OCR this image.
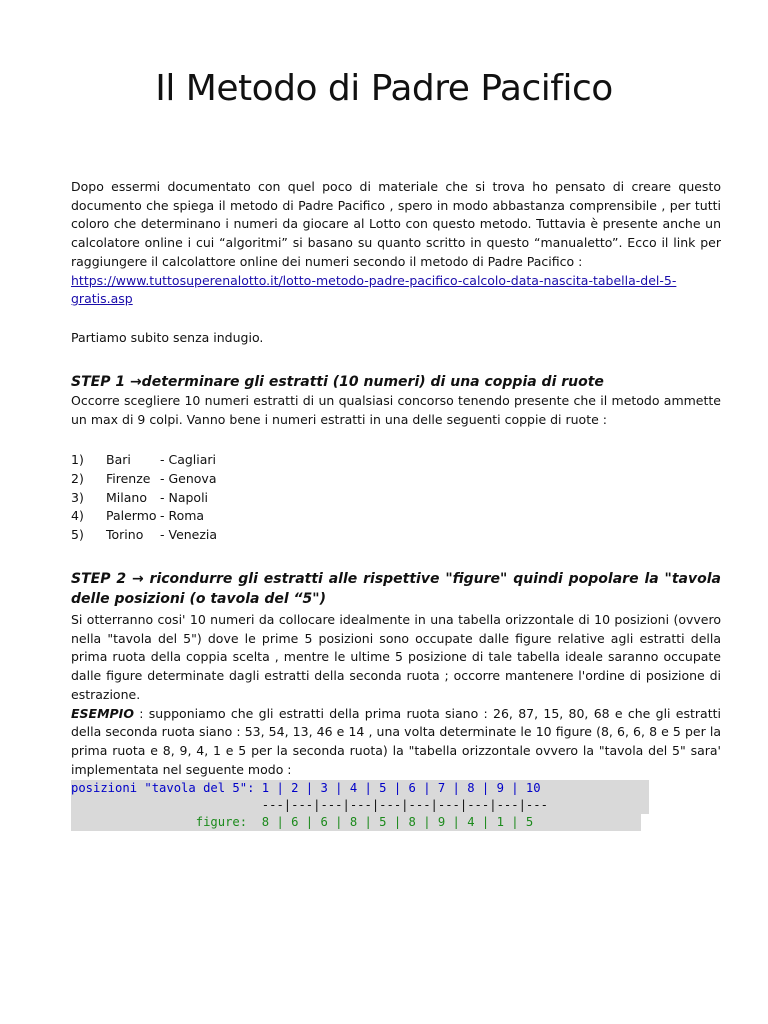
Il Metodo di Padre Pacifico

Dopo essermi documentato con quel poco di materiale che si trova ho pensato di creare questo documento che spiega il metodo di Padre Pacifico , spero in modo abbastanza comprensibile , per tutti coloro che determinano i numeri da giocare al Lotto con questo metodo. Tuttavia è presente anche un calcolatore online i cui “algoritmi” si basano su quanto scritto in questo “manualetto”. Ecco il link per raggiungere il calcolattore online dei numeri secondo il metodo di Padre Pacifico :
https://www.tuttosuperenalotto.it/lotto-metodo-padre-pacifico-calcolo-data-nascita-tabella-del-5-gratis.asp

Partiamo subito senza indugio.

STEP 1 →determinare gli estratti (10 numeri) di una coppia di ruote

Occorre scegliere 10 numeri estratti di un qualsiasi concorso tenendo presente che il metodo ammette un max di 9 colpi. Vanno bene i numeri estratti in una delle seguenti coppie di ruote :

1)	Bari	- Cagliari
2)	Firenze - Genova
3)	Milano	- Napoli
4)	Palermo - Roma
5)	Torino	- Venezia
STEP 2 → ricondurre gli estratti alle rispettive "figure" quindi popolare la "tavola delle posizioni (o tavola del “5")

Si otterranno cosi' 10 numeri da collocare idealmente in una tabella orizzontale di 10 posizioni (ovvero nella "tavola del 5") dove le prime 5 posizioni sono occupate dalle figure relative agli estratti della prima ruota della coppia scelta , mentre le ultime 5 posizione di tale tabella ideale saranno occupate dalle figure determinate dagli estratti della seconda ruota ; occorre mantenere l'ordine di posizione di estrazione.
ESEMPIO : supponiamo che gli estratti della prima ruota siano : 26, 87, 15, 80, 68 e che gli estratti della seconda ruota siano : 53, 54, 13, 46 e 14 , una volta determinate le 10 figure (8, 6, 6, 8 e 5 per la prima ruota e 8, 9, 4, 1 e 5 per la seconda ruota) la "tabella orizzontale ovvero la "tavola del 5" sara' implementata nel seguente modo :

posizioni "tavola del 5": 1 | 2 | 3 | 4 | 5 | 6 | 7 | 8 | 9 | 10
---|---|---|---|---|---|---|---|---|---
figure:  8 | 6 | 6 | 8 | 5 | 8 | 9 | 4 | 1 | 5
